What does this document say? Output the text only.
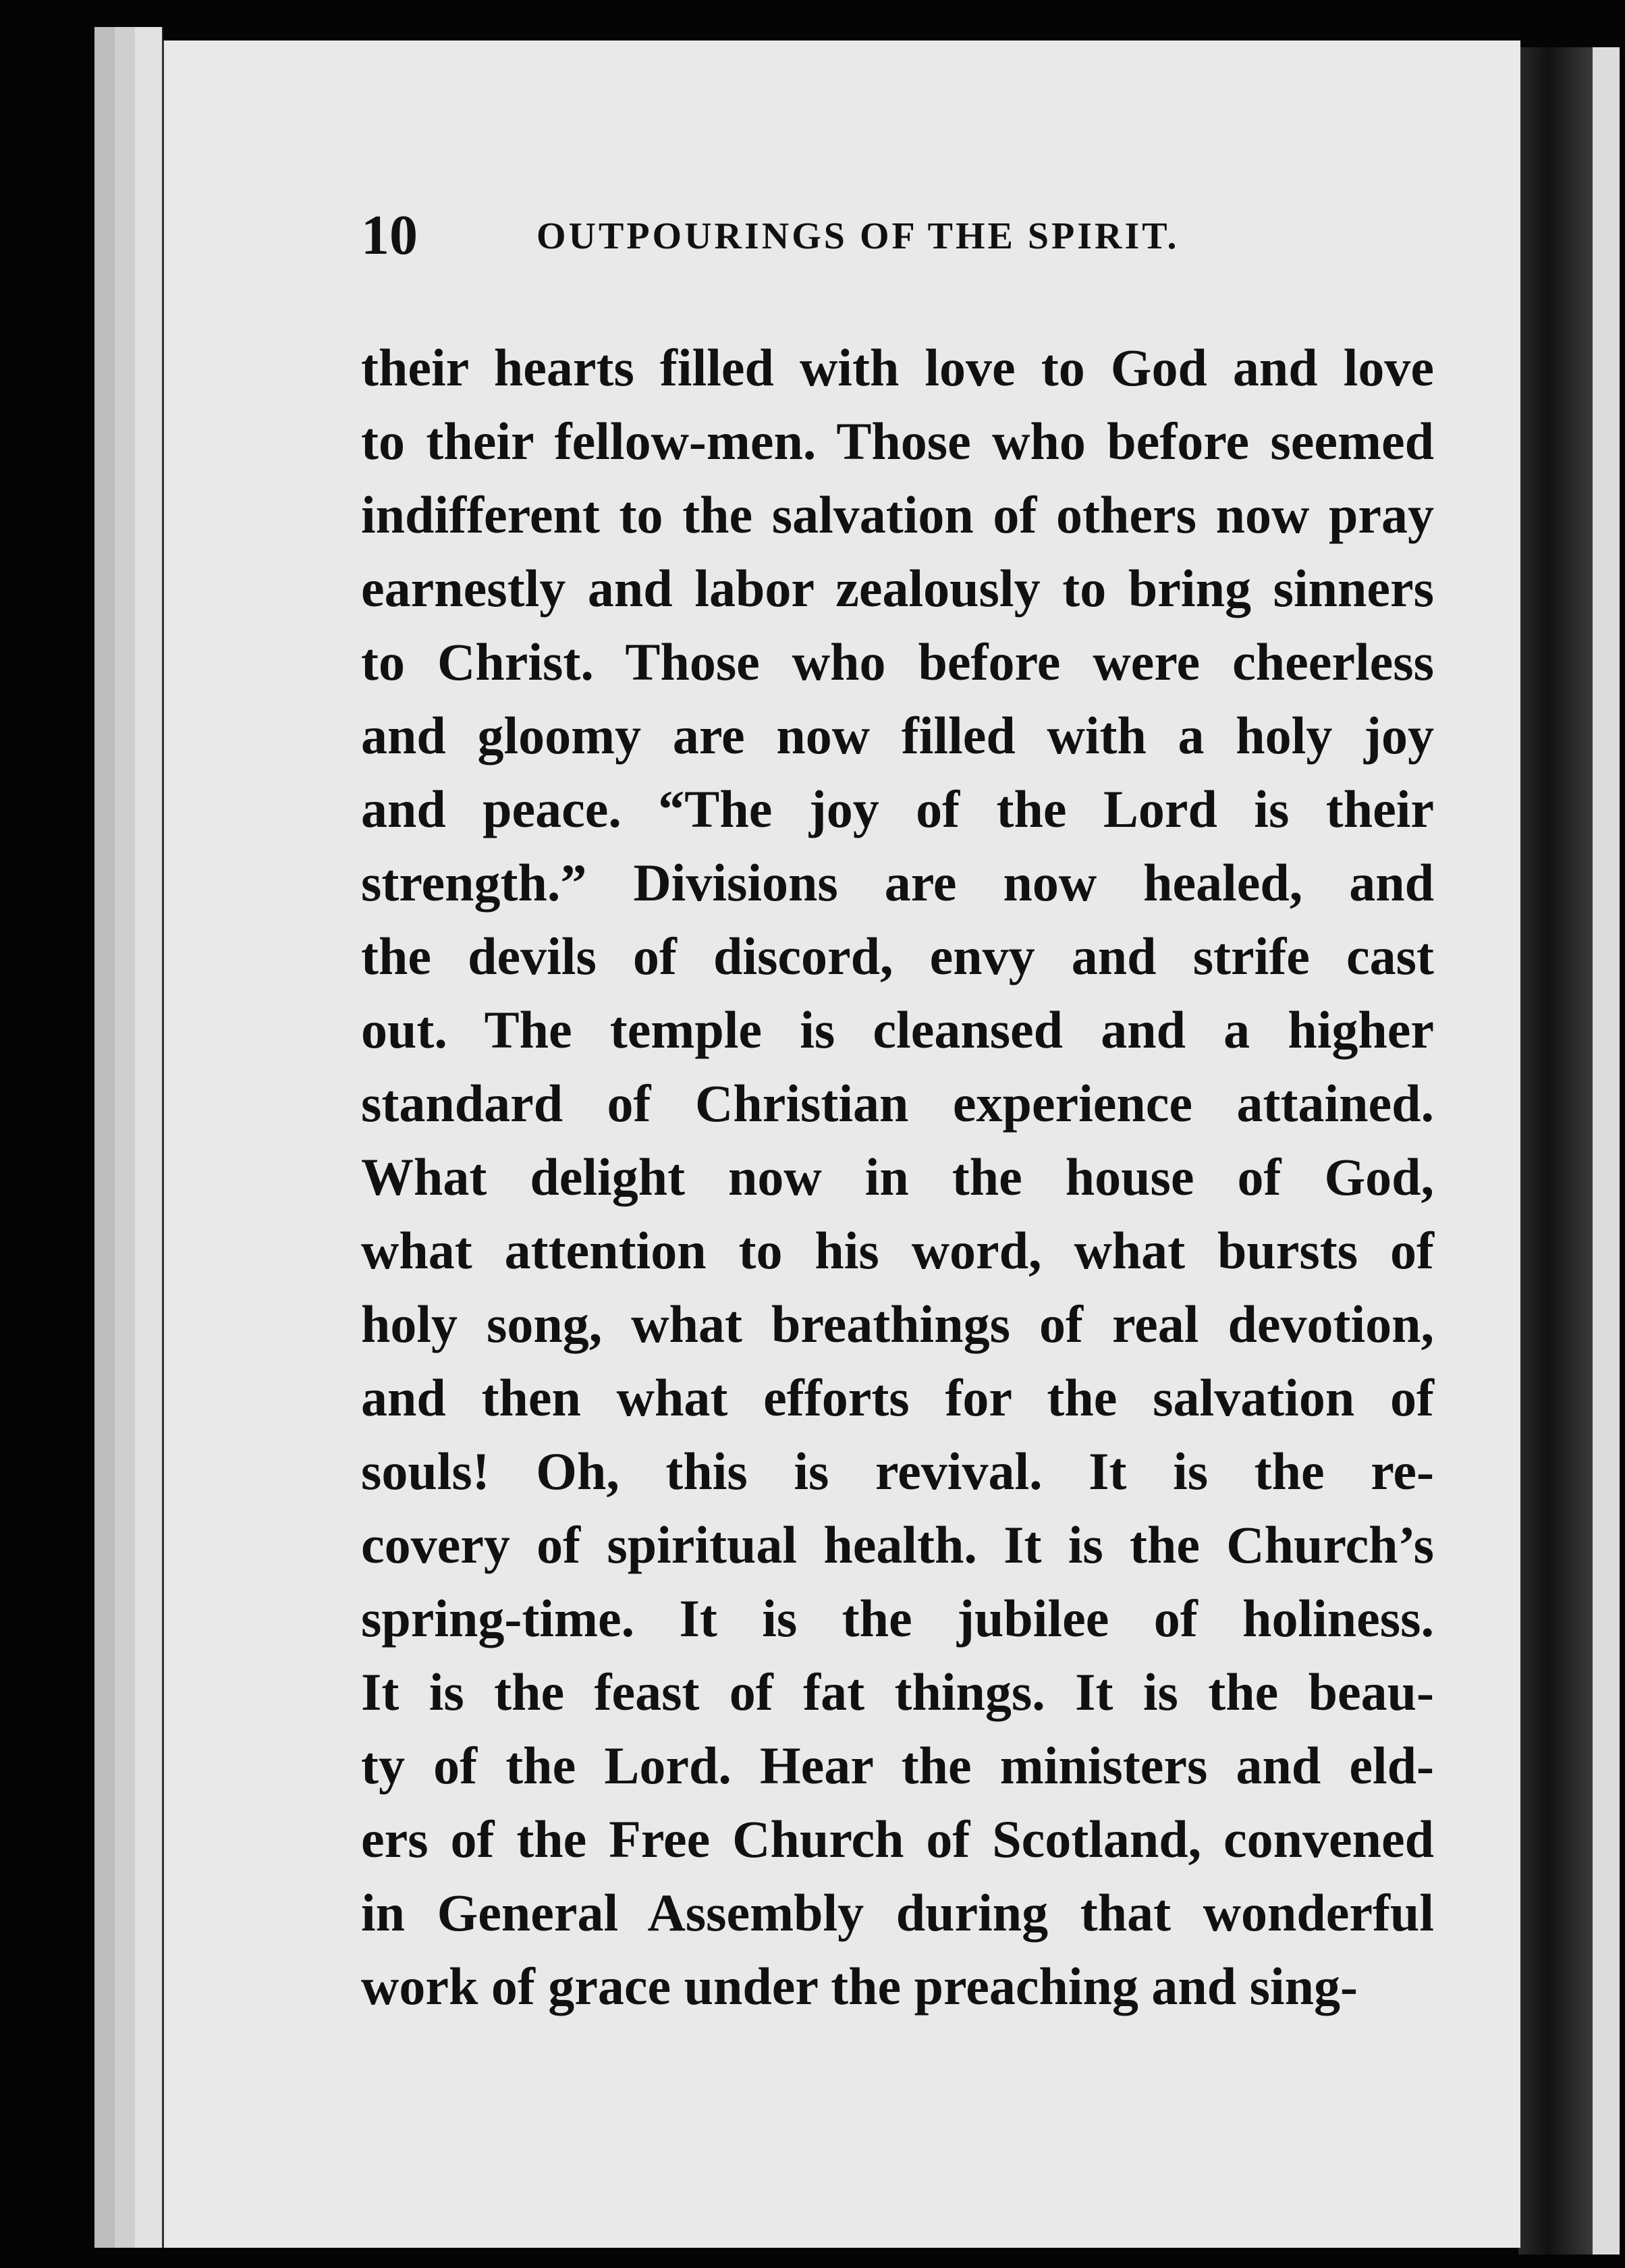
10	OUTPOURINGS OF THE SPIRIT.
their hearts filled with love to God and love
to their fellow-men. Those who before seemed
indifferent to the salvation of others now pray
earnestly and labor zealously to bring sinners
to Christ. Those who before were cheerless
and gloomy are now filled with a holy joy
and peace. “The joy of the Lord is their
strength.” Divisions are now healed, and
the devils of discord, envy and strife cast
out. The temple is cleansed and a higher
standard of Christian experience attained.
What delight now in the house of God,
what attention to his word, what bursts of
holy song, what breathings of real devotion,
and then what efforts for the salvation of
souls! Oh, this is revival. It is the re-
covery of spiritual health. It is the Church’s
spring-time. It is the jubilee of holiness.
It is the feast of fat things. It is the beau-
ty of the Lord. Hear the ministers and eld-
ers of the Free Church of Scotland, convened
in General Assembly during that wonderful
work of grace under the preaching and sing-
